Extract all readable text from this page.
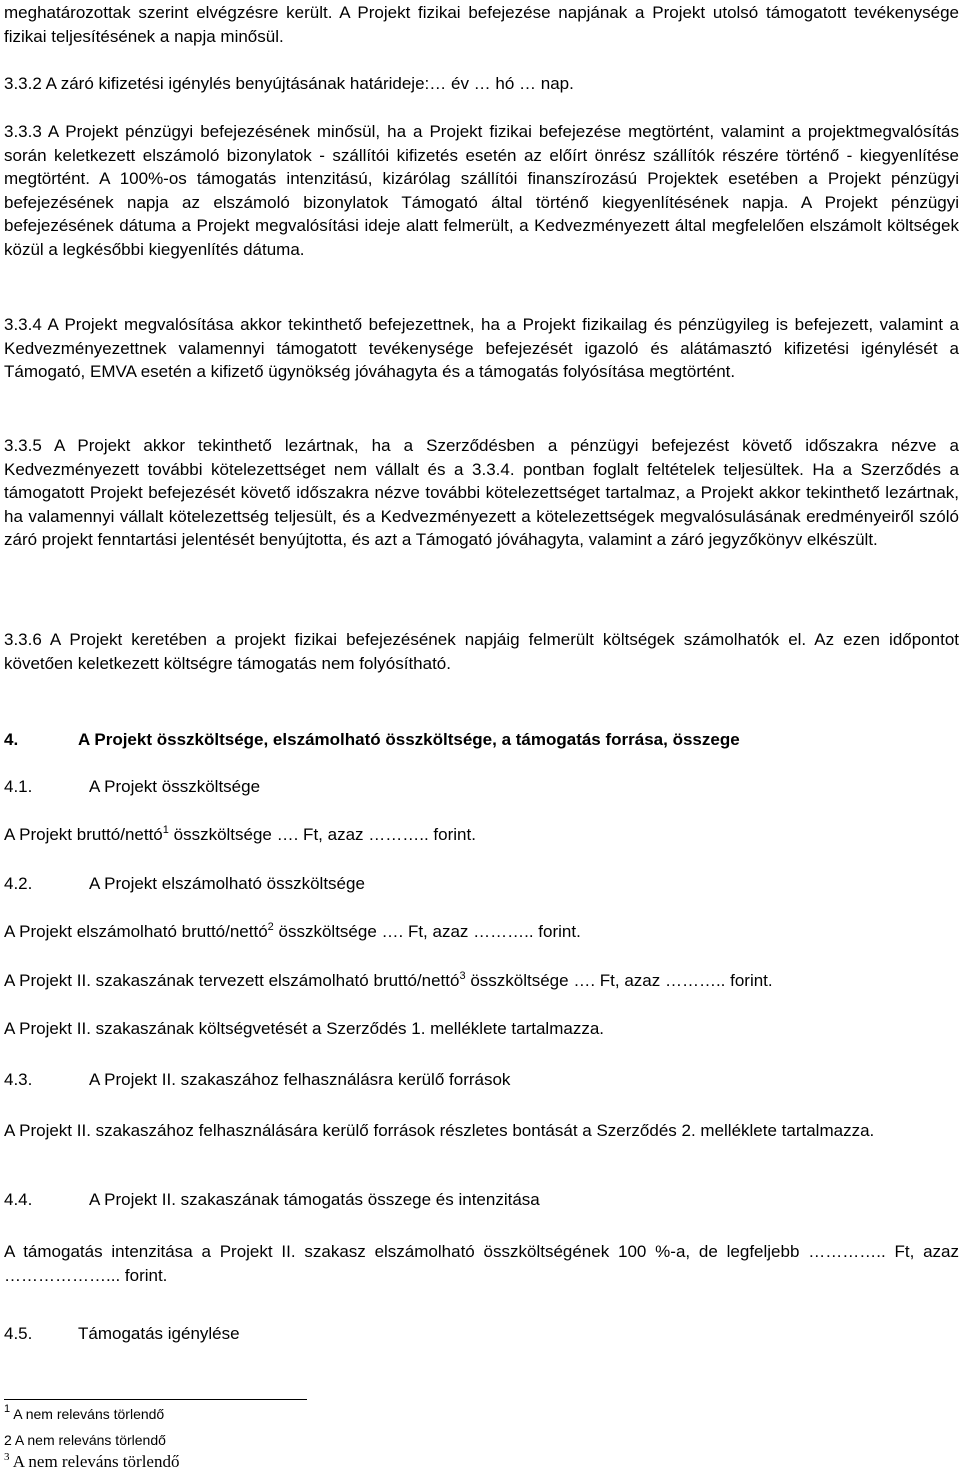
meghatározottak szerint elvégzésre került. A Projekt fizikai befejezése napjának a Projekt utolsó támogatott tevékenysége fizikai teljesítésének a napja minősül.

3.3.2 A záró kifizetési igénylés benyújtásának határideje:… év … hó … nap.

3.3.3 A Projekt pénzügyi befejezésének minősül, ha a Projekt fizikai befejezése megtörtént, valamint a projektmegvalósítás során keletkezett elszámoló bizonylatok - szállítói kifizetés esetén az előírt önrész szállítók részére történő - kiegyenlítése megtörtént. A 100%-os támogatás intenzitású, kizárólag szállítói finanszírozású Projektek esetében a Projekt pénzügyi befejezésének napja az elszámoló bizonylatok Támogató által történő kiegyenlítésének napja. A Projekt pénzügyi befejezésének dátuma a Projekt megvalósítási ideje alatt felmerült, a Kedvezményezett által megfelelően elszámolt költségek közül a legkésőbbi kiegyenlítés dátuma.

3.3.4 A Projekt megvalósítása akkor tekinthető befejezettnek, ha a Projekt fizikailag és pénzügyileg is befejezett, valamint a Kedvezményezettnek valamennyi támogatott tevékenysége befejezését igazoló és alátámasztó kifizetési igénylését a Támogató, EMVA esetén a kifizető ügynökség jóváhagyta és a támogatás folyósítása megtörtént.

3.3.5 A Projekt akkor tekinthető lezártnak, ha a Szerződésben a pénzügyi befejezést követő időszakra nézve a Kedvezményezett további kötelezettséget nem vállalt és a 3.3.4. pontban foglalt feltételek teljesültek. Ha a Szerződés a támogatott Projekt befejezését követő időszakra nézve további kötelezettséget tartalmaz, a Projekt akkor tekinthető lezártnak, ha valamennyi vállalt kötelezettség teljesült, és a Kedvezményezett a kötelezettségek megvalósulásának eredményeiről szóló záró projekt fenntartási jelentését benyújtotta, és azt a Támogató jóváhagyta, valamint a záró jegyzőkönyv elkészült.

3.3.6 A Projekt keretében a projekt fizikai befejezésének napjáig felmerült költségek számolhatók el. Az ezen időpontot követően keletkezett költségre támogatás nem folyósítható.

4.	A Projekt összköltsége, elszámolható összköltsége, a támogatás forrása, összege

4.1.	A Projekt összköltsége

A Projekt bruttó/nettó$^1$ összköltsége …. Ft, azaz ……….. forint.

4.2.	A Projekt elszámolható összköltsége

A Projekt elszámolható bruttó/nettó$^2$ összköltsége …. Ft, azaz ……….. forint.

A Projekt II. szakaszának tervezett elszámolható bruttó/nettó$^3$ összköltsége …. Ft, azaz ……….. forint.

A Projekt II. szakaszának költségvetését a Szerződés 1. melléklete tartalmazza.

4.3.	A Projekt II. szakaszához felhasználásra kerülő források

A Projekt II. szakaszához felhasználására kerülő források részletes bontását a Szerződés 2. melléklete tartalmazza.

4.4.	A Projekt II. szakaszának támogatás összege és intenzitása

A támogatás intenzitása a Projekt II. szakasz elszámolható összköltségének 100 %-a, de legfeljebb ………….. Ft, azaz ………………... forint.

4.5.	Támogatás igénylése

$^1$ A nem releváns törlendő

2 A nem releváns törlendő

$^3$ A nem releváns törlendő
